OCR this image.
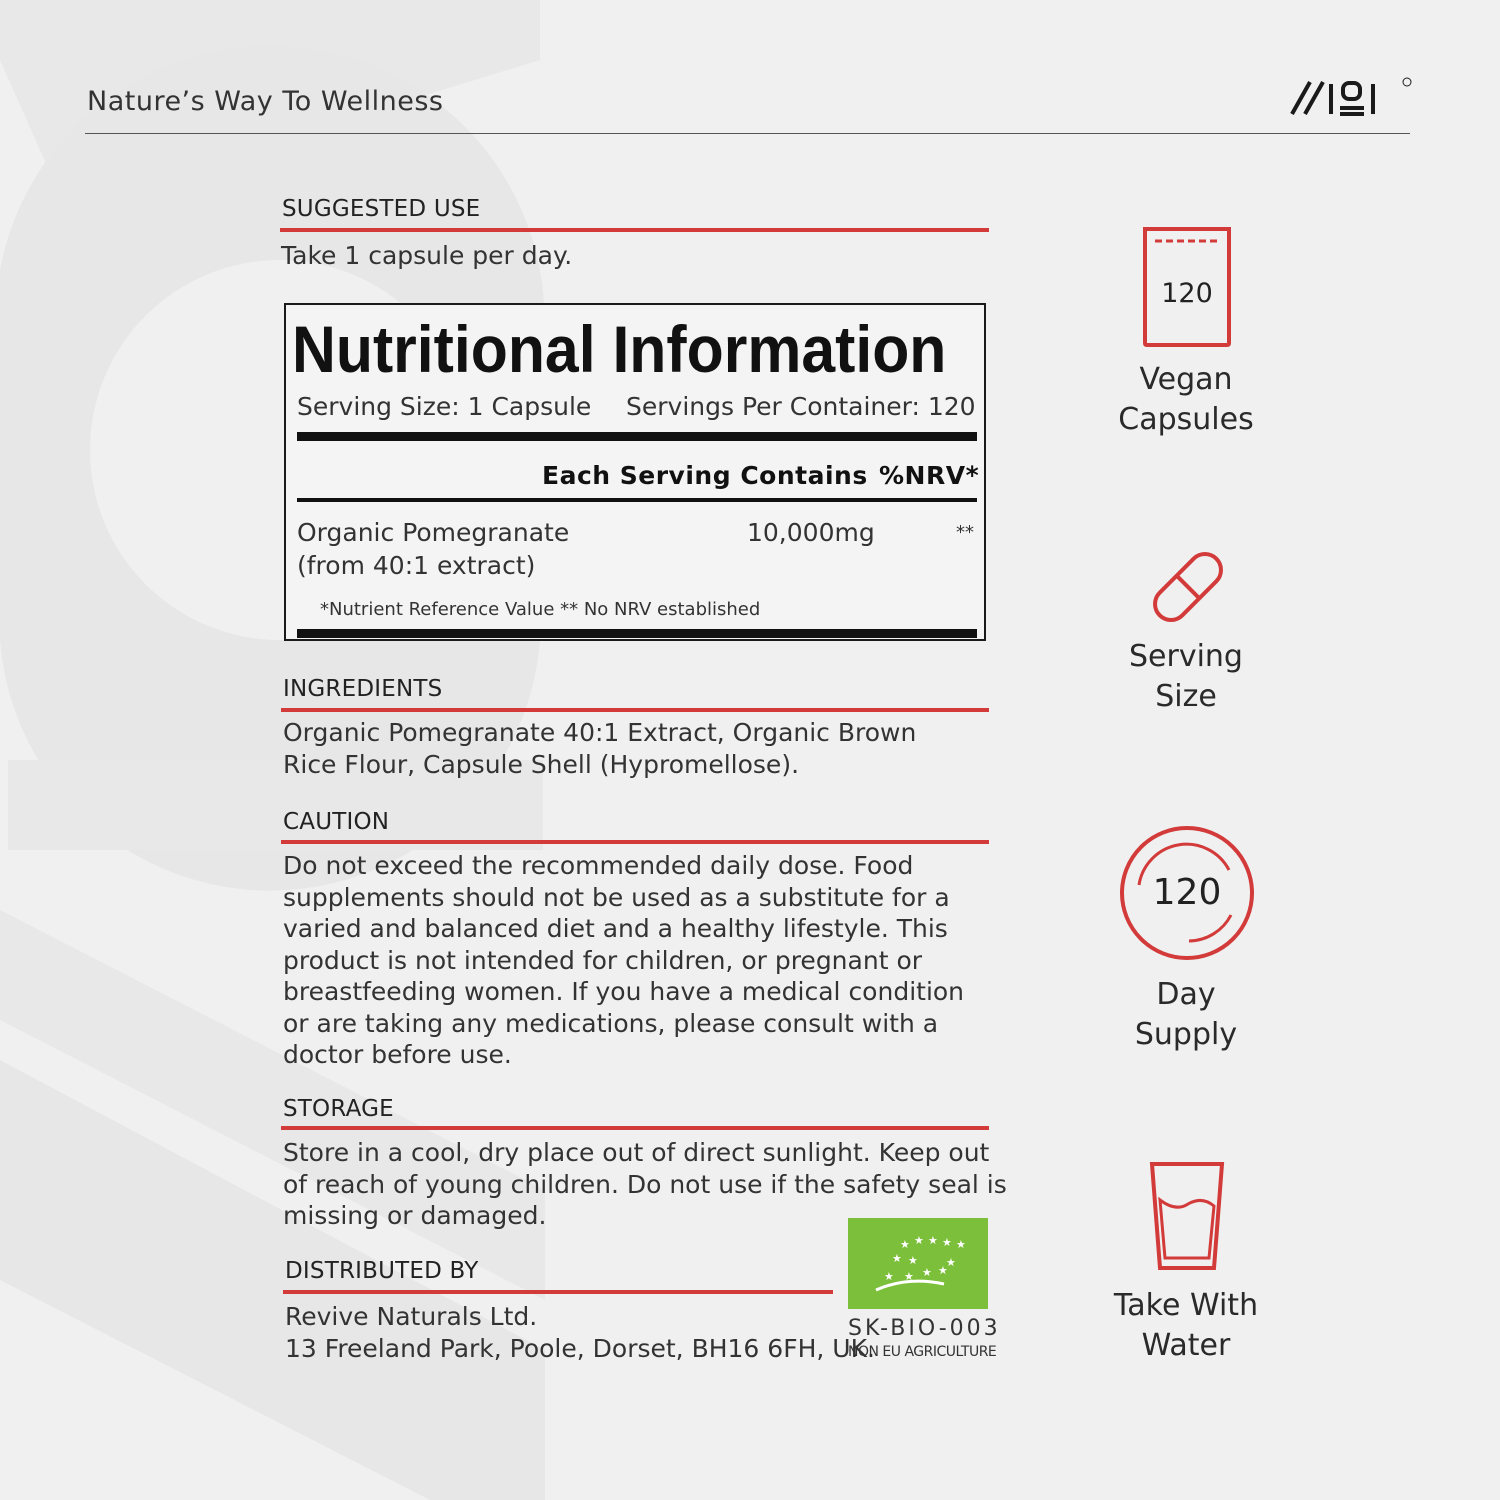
Nature’s Way To Wellness
SUGGESTED USE
Take 1 capsule per day.
Nutritional Information
Serving Size: 1 Capsule Servings Per Container: 120
Each Serving Contains %NRV*
Organic Pomegranate
(from 40:1 extract)
10,000mg	**
*Nutrient Reference Value ** No NRV established
INGREDIENTS
Organic Pomegranate 40:1 Extract, Organic Brown
Rice Flour, Capsule Shell (Hypromellose).
CAUTION
Do not exceed the recommended daily dose. Food
supplements should not be used as a substitute for a
varied and balanced diet and a healthy lifestyle. This
product is not intended for children, or pregnant or
breastfeeding women. If you have a medical condition
or are taking any medications, please consult with a
doctor before use.
STORAGE
Store in a cool, dry place out of direct sunlight. Keep out
of reach of young children. Do not use if the safety seal is
missing or damaged.
DISTRIBUTED BY
Revive Naturals Ltd.
13 Freeland Park, Poole, Dorset, BH16 6FH, UK.
★ ★ ★ ★ ★
★	★
★ ★ ★ ★
★
SK-BIO-003
NON EU AGRICULTURE
120
Vegan
Capsules
Serving
Size
120
Day
Supply
Take With
Water
